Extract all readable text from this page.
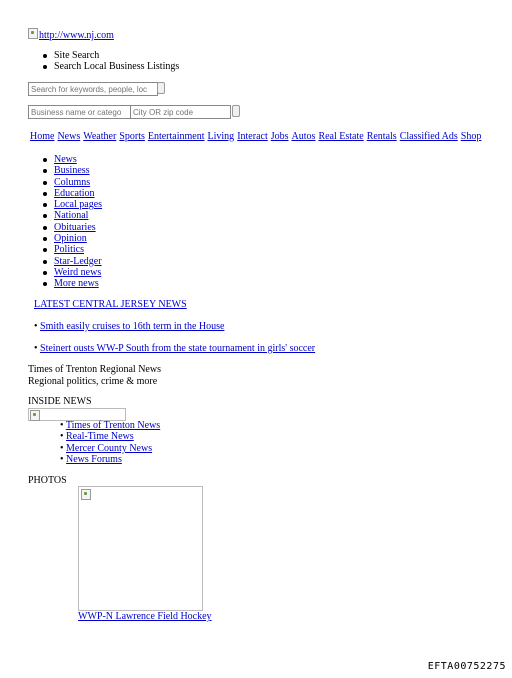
http://www.nj.com
Site Search
Search Local Business Listings
Search for keywords, people, loc
Business name or catego
City OR zip code
Home News Weather Sports Entertainment Living Interact Jobs Autos Real Estate Rentals Classified Ads Shop
News
Business
Columns
Education
Local pages
National
Obituaries
Opinion
Politics
Star-Ledger
Weird news
More news
LATEST CENTRAL JERSEY NEWS
• Smith easily cruises to 16th term in the House
• Steinert ousts WW-P South from the state tournament in girls' soccer
Times of Trenton Regional News
Regional politics, crime & more
INSIDE NEWS
• Times of Trenton News
• Real-Time News
• Mercer County News
• News Forums
PHOTOS
WWP-N Lawrence Field Hockey
EFTA00752275
